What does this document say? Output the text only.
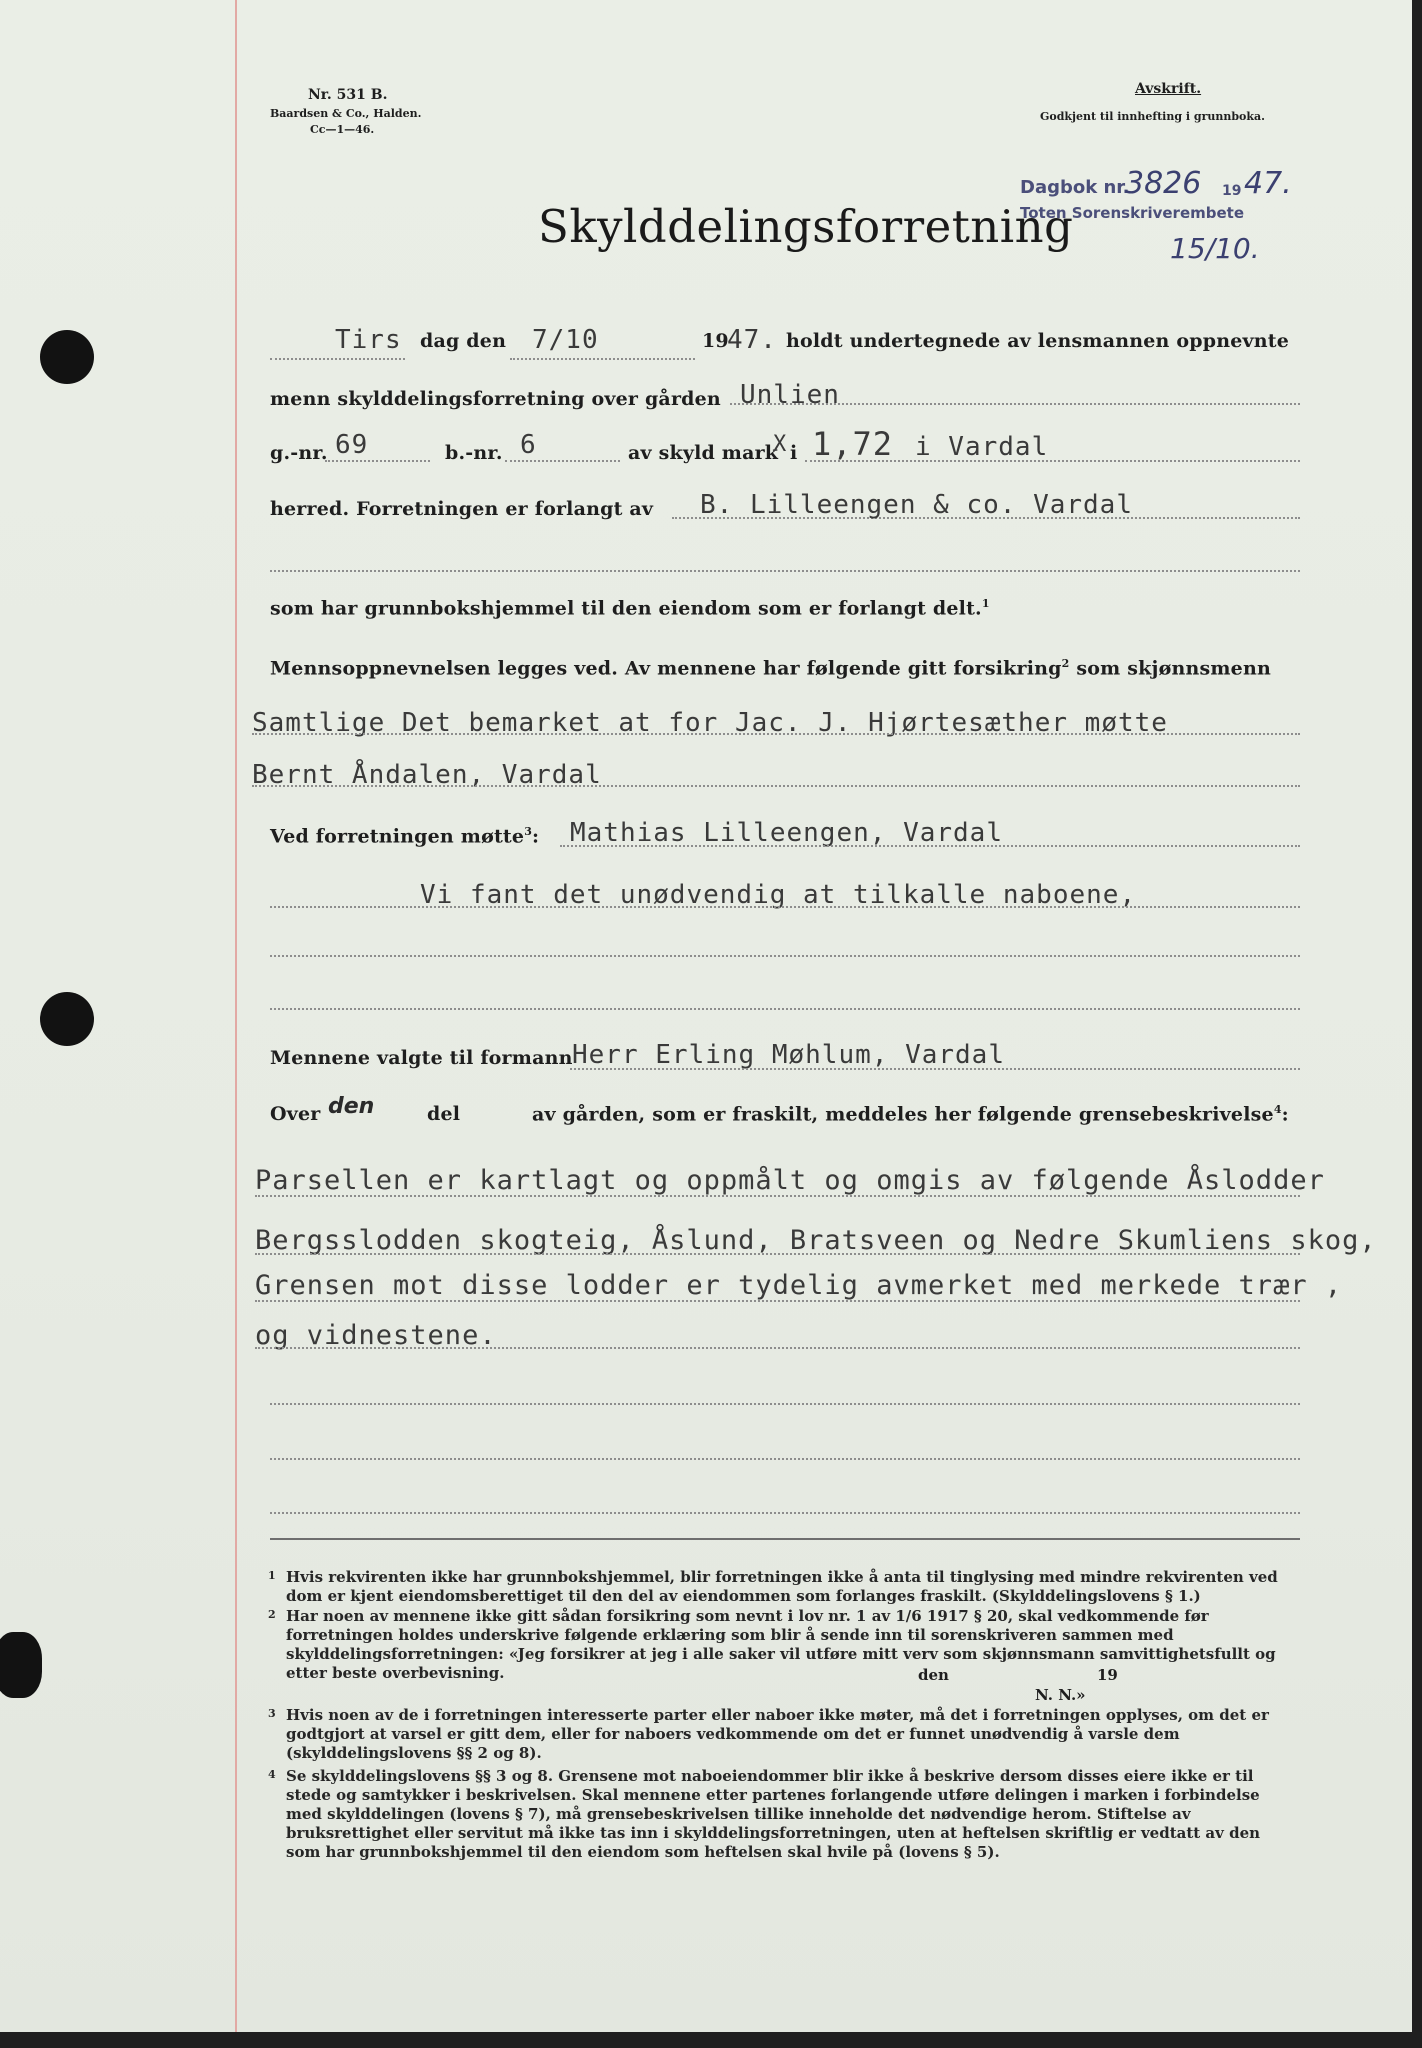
Nr. 531 B.
Baardsen & Co., Halden.
Cc—1—46.
Avskrift.
Godkjent til innhefting i grunnboka.
Dagbok nr.
3826 19 47.
Toten Sorenskriverembete
15/10.
Skylddelingsforretning
Tirs dag den 7/10	19
47. holdt undertegnede av lensmannen oppnevnte
menn skylddelingsforretning over gården Unlien
g.-nr. 69	b.-nr. 6	av skyld mark
X i 1,72 i Vardal
herred. Forretningen er forlangt av B. Lilleengen & co. Vardal
som har grunnbokshjemmel til den eiendom som er forlangt delt.$^1$
Mennsoppnevnelsen legges ved. Av mennene har følgende gitt forsikring$^2$ som skjønnsmenn
Samtlige Det bemarket at for Jac. J. Hjørtesæther møtte
Bernt Åndalen, Vardal
Ved forretningen møtte$^3$: Mathias Lilleengen, Vardal
Vi fant det unødvendig at tilkalle naboene,
Mennene valgte til formann Herr Erling Møhlum, Vardal
Over den	del	av gården, som er fraskilt, meddeles her følgende grensebeskrivelse$^4$:
Parsellen er kartlagt og oppmålt og omgis av følgende Åslodder
Bergsslodden skogteig, Åslund, Bratsveen og Nedre Skumliens skog,
Grensen mot disse lodder er tydelig avmerket med merkede trær ,
og vidnestene.
1 Hvis rekvirenten ikke har grunnbokshjemmel, blir forretningen ikke å anta til tinglysing med mindre rekvirenten ved dom er kjent eiendomsberettiget til den del av eiendommen som forlanges fraskilt. (Skylddelingslovens § 1.)
2 Har noen av mennene ikke gitt sådan forsikring som nevnt i lov nr. 1 av 1/6 1917 § 20, skal vedkommende før forretningen holdes underskrive følgende erklæring som blir å sende inn til sorenskriveren sammen med skylddelingsforretningen: «Jeg forsikrer at jeg i alle saker vil utføre mitt verv som skjønnsmann samvittighetsfullt og etter beste overbevisning.	den	19
N. N.»
3 Hvis noen av de i forretningen interesserte parter eller naboer ikke møter, må det i forretningen opplyses, om det er godtgjort at varsel er gitt dem, eller for naboers vedkommende om det er funnet unødvendig å varsle dem (skylddelingslovens §§ 2 og 8).
4 Se skylddelingslovens §§ 3 og 8. Grensene mot naboeiendommer blir ikke å beskrive dersom disses eiere ikke er til stede og samtykker i beskrivelsen. Skal mennene etter partenes forlangende utføre delingen i marken i forbindelse med skylddelingen (lovens § 7), må grensebeskrivelsen tillike inneholde det nødvendige herom. Stiftelse av bruksrettighet eller servitut må ikke tas inn i skylddelingsforretningen, uten at heftelsen skriftlig er vedtatt av den som har grunnbokshjemmel til den eiendom som heftelsen skal hvile på (lovens § 5).
